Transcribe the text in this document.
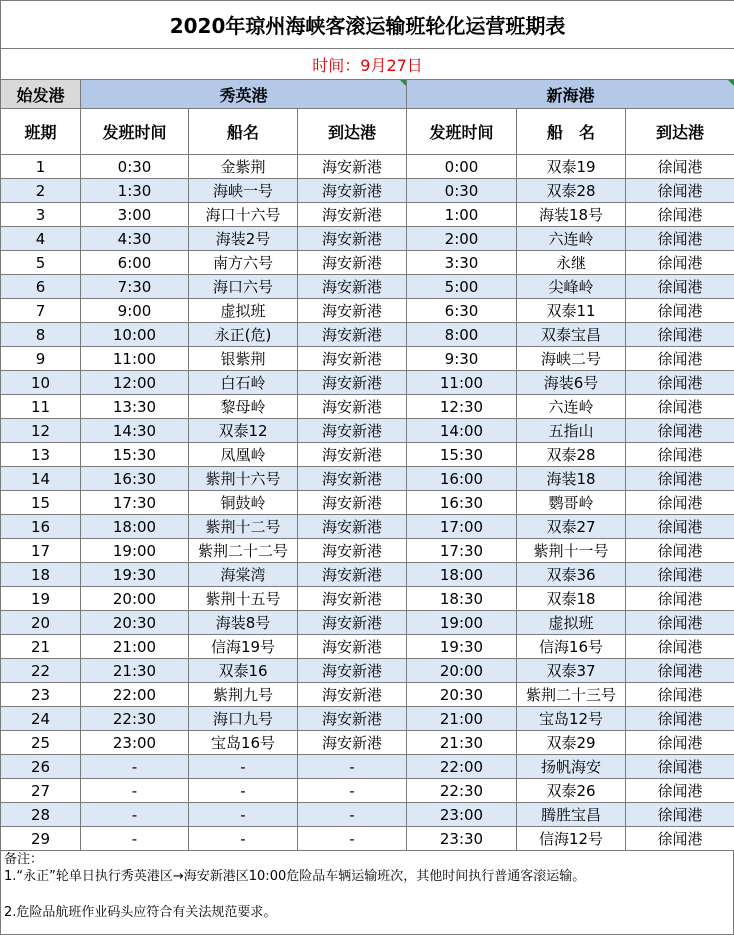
2020年琼州海峡客滚运输班轮化运营班期表						
时间：9月27日						
始发港	秀英港			新海港		
班期	发班时间	船名	到达港	发班时间	船　名	到达港
1	0:30	金紫荆	海安新港	0:00	双泰19	徐闻港
2	1:30	海峡一号	海安新港	0:30	双泰28	徐闻港
3	3:00	海口十六号	海安新港	1:00	海装18号	徐闻港
4	4:30	海装2号	海安新港	2:00	六连岭	徐闻港
5	6:00	南方六号	海安新港	3:30	永继	徐闻港
6	7:30	海口六号	海安新港	5:00	尖峰岭	徐闻港
7	9:00	虚拟班	海安新港	6:30	双泰11	徐闻港
8	10:00	永正(危)	海安新港	8:00	双泰宝昌	徐闻港
9	11:00	银紫荆	海安新港	9:30	海峡二号	徐闻港
10	12:00	白石岭	海安新港	11:00	海装6号	徐闻港
11	13:30	黎母岭	海安新港	12:30	六连岭	徐闻港
12	14:30	双泰12	海安新港	14:00	五指山	徐闻港
13	15:30	凤凰岭	海安新港	15:30	双泰28	徐闻港
14	16:30	紫荆十六号	海安新港	16:00	海装18	徐闻港
15	17:30	铜鼓岭	海安新港	16:30	鹦哥岭	徐闻港
16	18:00	紫荆十二号	海安新港	17:00	双泰27	徐闻港
17	19:00	紫荆二十二号	海安新港	17:30	紫荆十一号	徐闻港
18	19:30	海棠湾	海安新港	18:00	双泰36	徐闻港
19	20:00	紫荆十五号	海安新港	18:30	双泰18	徐闻港
20	20:30	海装8号	海安新港	19:00	虚拟班	徐闻港
21	21:00	信海19号	海安新港	19:30	信海16号	徐闻港
22	21:30	双泰16	海安新港	20:00	双泰37	徐闻港
23	22:00	紫荆九号	海安新港	20:30	紫荆二十三号	徐闻港
24	22:30	海口九号	海安新港	21:00	宝岛12号	徐闻港
25	23:00	宝岛16号	海安新港	21:30	双泰29	徐闻港
26	-	-	-	22:00	扬帆海安	徐闻港
27	-	-	-	22:30	双泰26	徐闻港
28	-	-	-	23:00	腾胜宝昌	徐闻港
29	-	-	-	23:30	信海12号	徐闻港
备注：
1.“永正”轮单日执行秀英港区→海安新港区10:00危险品车辆运输班次，其他时间执行普通客滚运输。
2.危险品航班作业码头应符合有关法规范要求。
